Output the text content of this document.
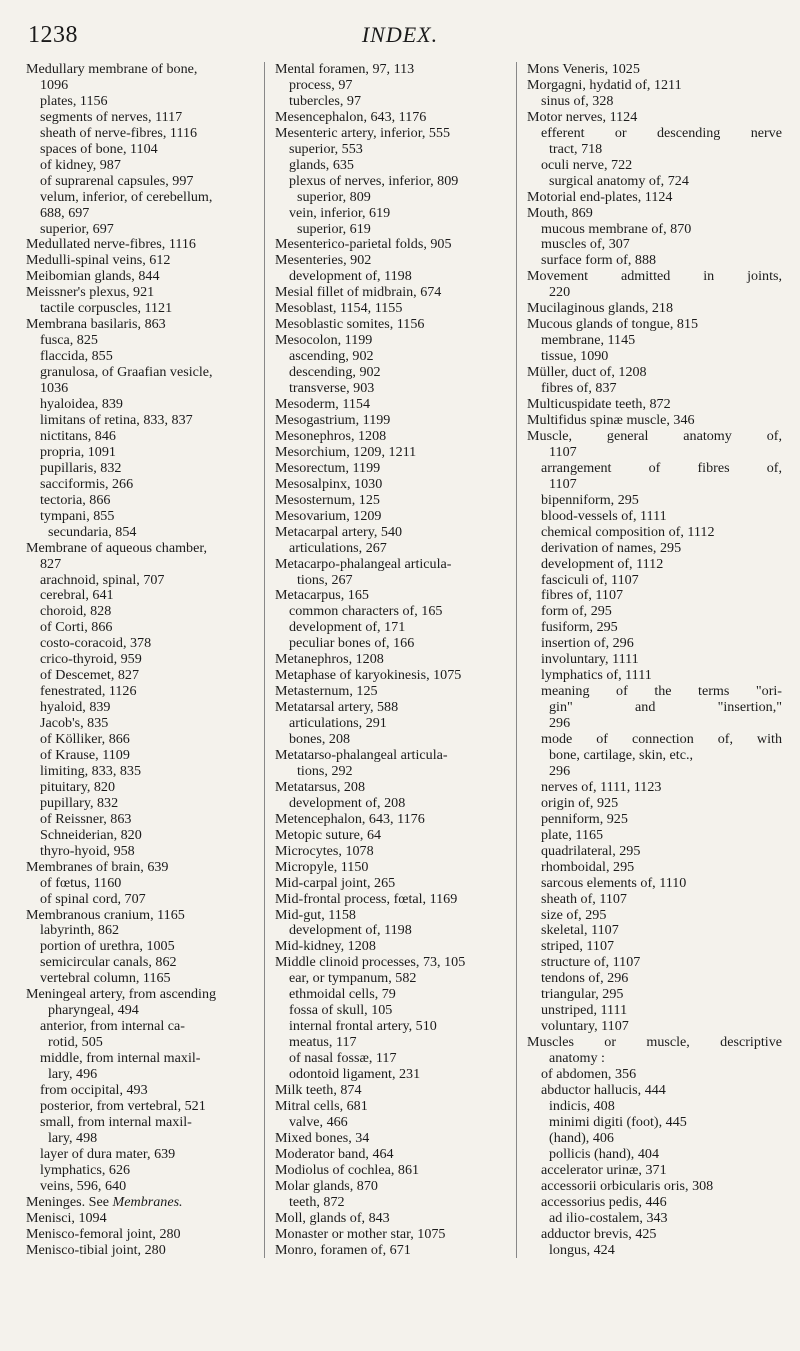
1238	INDEX.
Medullary membrane of bone,
1096
plates, 1156
segments of nerves, 1117
sheath of nerve-fibres, 1116
spaces of bone, 1104
of kidney, 987
of suprarenal capsules, 997
velum, inferior, of cerebellum,
688, 697
superior, 697
Medullated nerve-fibres, 1116
Medulli-spinal veins, 612
Meibomian glands, 844
Meissner's plexus, 921
tactile corpuscles, 1121
Membrana basilaris, 863
fusca, 825
flaccida, 855
granulosa, of Graafian vesicle,
1036
hyaloidea, 839
limitans of retina, 833, 837
nictitans, 846
propria, 1091
pupillaris, 832
sacciformis, 266
tectoria, 866
tympani, 855
secundaria, 854
Membrane of aqueous chamber,
827
arachnoid, spinal, 707
cerebral, 641
choroid, 828
of Corti, 866
costo-coracoid, 378
crico-thyroid, 959
of Descemet, 827
fenestrated, 1126
hyaloid, 839
Jacob's, 835
of Kölliker, 866
of Krause, 1109
limiting, 833, 835
pituitary, 820
pupillary, 832
of Reissner, 863
Schneiderian, 820
thyro-hyoid, 958
Membranes of brain, 639
of fœtus, 1160
of spinal cord, 707
Membranous cranium, 1165
labyrinth, 862
portion of urethra, 1005
semicircular canals, 862
vertebral column, 1165
Meningeal artery, from ascending
pharyngeal, 494
anterior, from internal ca-
rotid, 505
middle, from internal maxil-
lary, 496
from occipital, 493
posterior, from vertebral, 521
small, from internal maxil-
lary, 498
layer of dura mater, 639
lymphatics, 626
veins, 596, 640
Meninges. See Membranes.
Menisci, 1094
Menisco-femoral joint, 280
Menisco-tibial joint, 280
Mental foramen, 97, 113
process, 97
tubercles, 97
Mesencephalon, 643, 1176
Mesenteric artery, inferior, 555
superior, 553
glands, 635
plexus of nerves, inferior, 809
superior, 809
vein, inferior, 619
superior, 619
Mesenterico-parietal folds, 905
Mesenteries, 902
development of, 1198
Mesial fillet of midbrain, 674
Mesoblast, 1154, 1155
Mesoblastic somites, 1156
Mesocolon, 1199
ascending, 902
descending, 902
transverse, 903
Mesoderm, 1154
Mesogastrium, 1199
Mesonephros, 1208
Mesorchium, 1209, 1211
Mesorectum, 1199
Mesosalpinx, 1030
Mesosternum, 125
Mesovarium, 1209
Metacarpal artery, 540
articulations, 267
Metacarpo-phalangeal articula-
tions, 267
Metacarpus, 165
common characters of, 165
development of, 171
peculiar bones of, 166
Metanephros, 1208
Metaphase of karyokinesis, 1075
Metasternum, 125
Metatarsal artery, 588
articulations, 291
bones, 208
Metatarso-phalangeal articula-
tions, 292
Metatarsus, 208
development of, 208
Metencephalon, 643, 1176
Metopic suture, 64
Microcytes, 1078
Micropyle, 1150
Mid-carpal joint, 265
Mid-frontal process, fœtal, 1169
Mid-gut, 1158
development of, 1198
Mid-kidney, 1208
Middle clinoid processes, 73, 105
ear, or tympanum, 582
ethmoidal cells, 79
fossa of skull, 105
internal frontal artery, 510
meatus, 117
of nasal fossæ, 117
odontoid ligament, 231
Milk teeth, 874
Mitral cells, 681
valve, 466
Mixed bones, 34
Moderator band, 464
Modiolus of cochlea, 861
Molar glands, 870
teeth, 872
Moll, glands of, 843
Monaster or mother star, 1075
Monro, foramen of, 671
Mons Veneris, 1025
Morgagni, hydatid of, 1211
sinus of, 328
Motor nerves, 1124
efferent or descending nerve
tract, 718
oculi nerve, 722
surgical anatomy of, 724
Motorial end-plates, 1124
Mouth, 869
mucous membrane of, 870
muscles of, 307
surface form of, 888
Movement admitted in joints,
220
Mucilaginous glands, 218
Mucous glands of tongue, 815
membrane, 1145
tissue, 1090
Müller, duct of, 1208
fibres of, 837
Multicuspidate teeth, 872
Multifidus spinæ muscle, 346
Muscle, general anatomy of,
1107
arrangement of fibres of,
1107
bipenniform, 295
blood-vessels of, 1111
chemical composition of, 1112
derivation of names, 295
development of, 1112
fasciculi of, 1107
fibres of, 1107
form of, 295
fusiform, 295
insertion of, 296
involuntary, 1111
lymphatics of, 1111
meaning of the terms "ori-
gin" and "insertion,"
296
mode of connection of, with
bone, cartilage, skin, etc.,
296
nerves of, 1111, 1123
origin of, 925
penniform, 925
plate, 1165
quadrilateral, 295
rhomboidal, 295
sarcous elements of, 1110
sheath of, 1107
size of, 295
skeletal, 1107
striped, 1107
structure of, 1107
tendons of, 296
triangular, 295
unstriped, 1111
voluntary, 1107
Muscles or muscle, descriptive
anatomy :
of abdomen, 356
abductor hallucis, 444
indicis, 408
minimi digiti (foot), 445
(hand), 406
pollicis (hand), 404
accelerator urinæ, 371
accessorii orbicularis oris, 308
accessorius pedis, 446
ad ilio-costalem, 343
adductor brevis, 425
longus, 424
